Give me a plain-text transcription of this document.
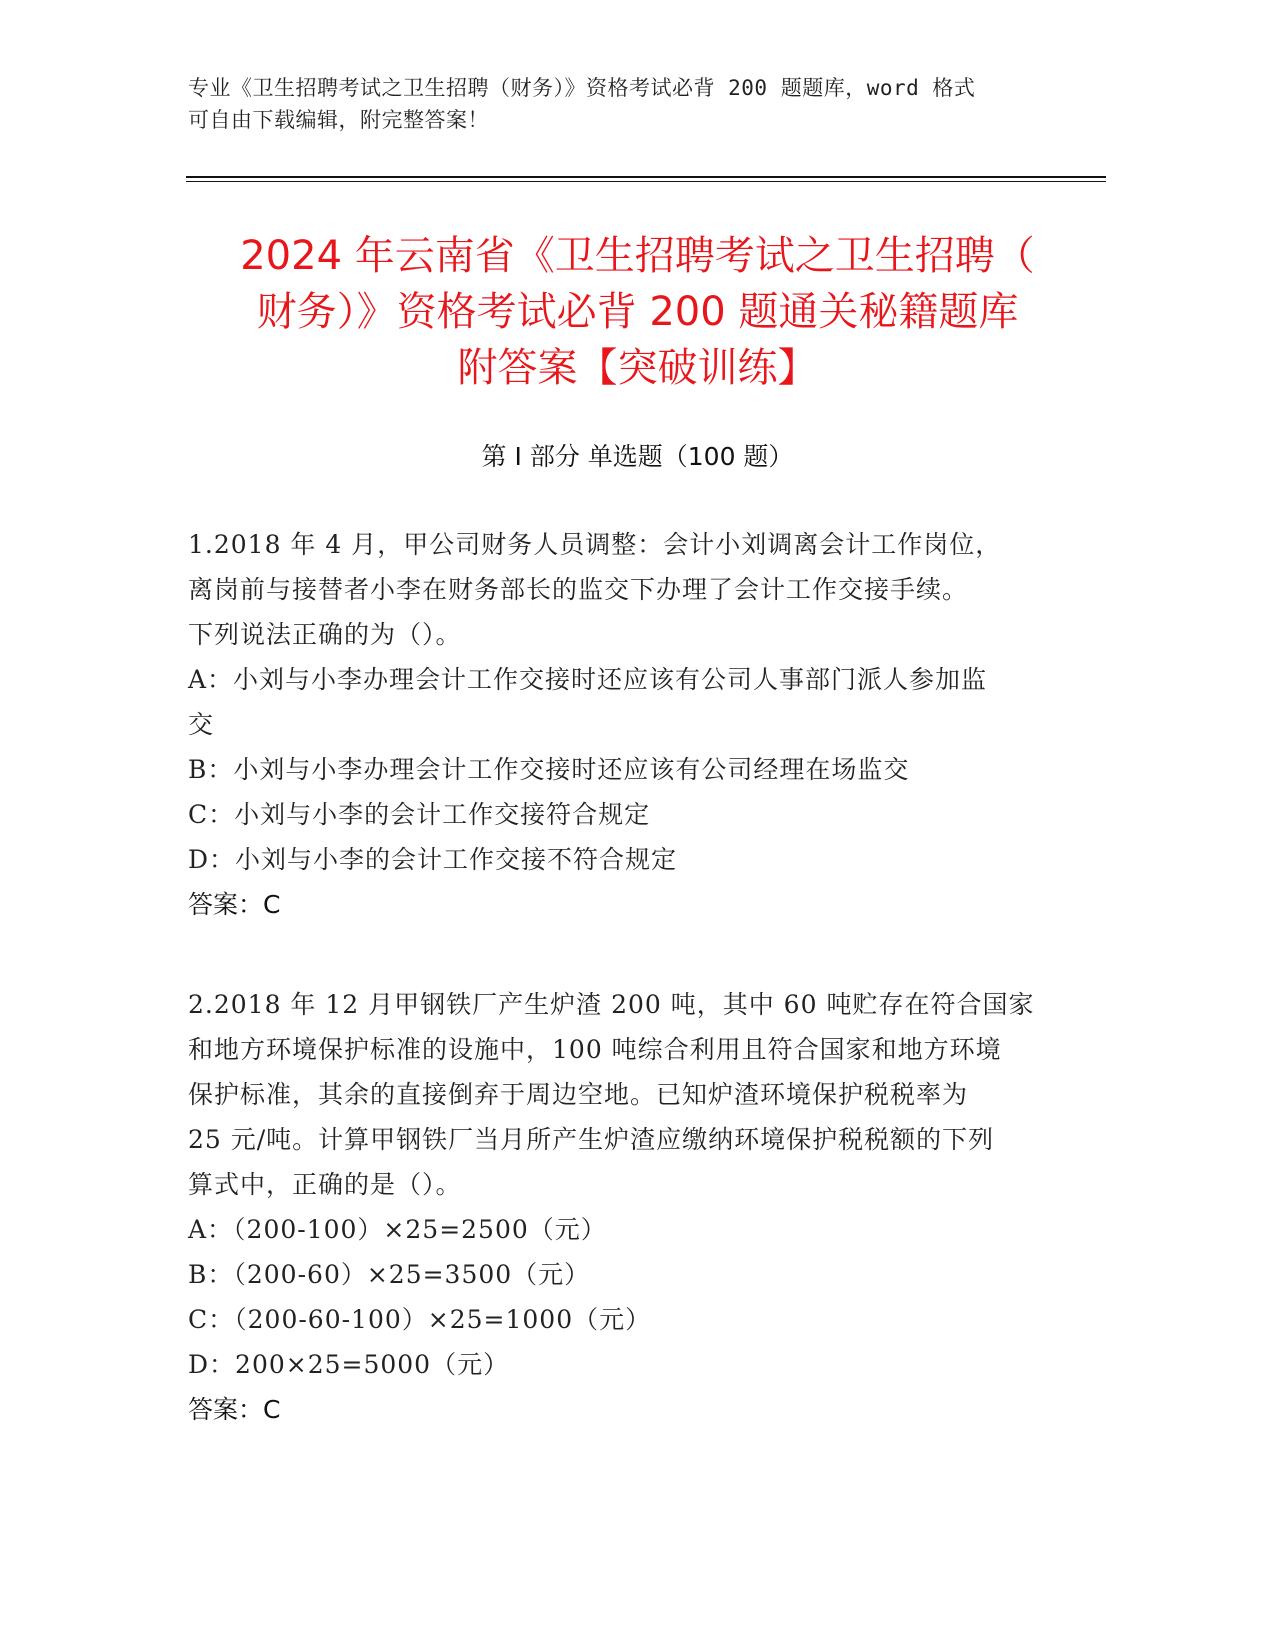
专业《卫生招聘考试之卫生招聘（财务）》资格考试必背 200 题题库，word 格式
可自由下载编辑，附完整答案！
2024 年云南省《卫生招聘考试之卫生招聘（
财务）》资格考试必背 200 题通关秘籍题库
附答案【突破训练】
第 I 部分 单选题（100 题）

1.2018 年 4 月，甲公司财务人员调整：会计小刘调离会计工作岗位，

离岗前与接替者小李在财务部长的监交下办理了会计工作交接手续。

下列说法正确的为（）。

A：小刘与小李办理会计工作交接时还应该有公司人事部门派人参加监

交

B：小刘与小李办理会计工作交接时还应该有公司经理在场监交

C：小刘与小李的会计工作交接符合规定

D：小刘与小李的会计工作交接不符合规定

答案：C

2.2018 年 12 月甲钢铁厂产生炉渣 200 吨，其中 60 吨贮存在符合国家

和地方环境保护标准的设施中，100 吨综合利用且符合国家和地方环境

保护标准，其余的直接倒弃于周边空地。已知炉渣环境保护税税率为

25 元/吨。计算甲钢铁厂当月所产生炉渣应缴纳环境保护税税额的下列

算式中，正确的是（）。

A：（200-100）×25=2500（元）

B：（200-60）×25=3500（元）

C：（200-60-100）×25=1000（元）

D：200×25=5000（元）

答案：C
